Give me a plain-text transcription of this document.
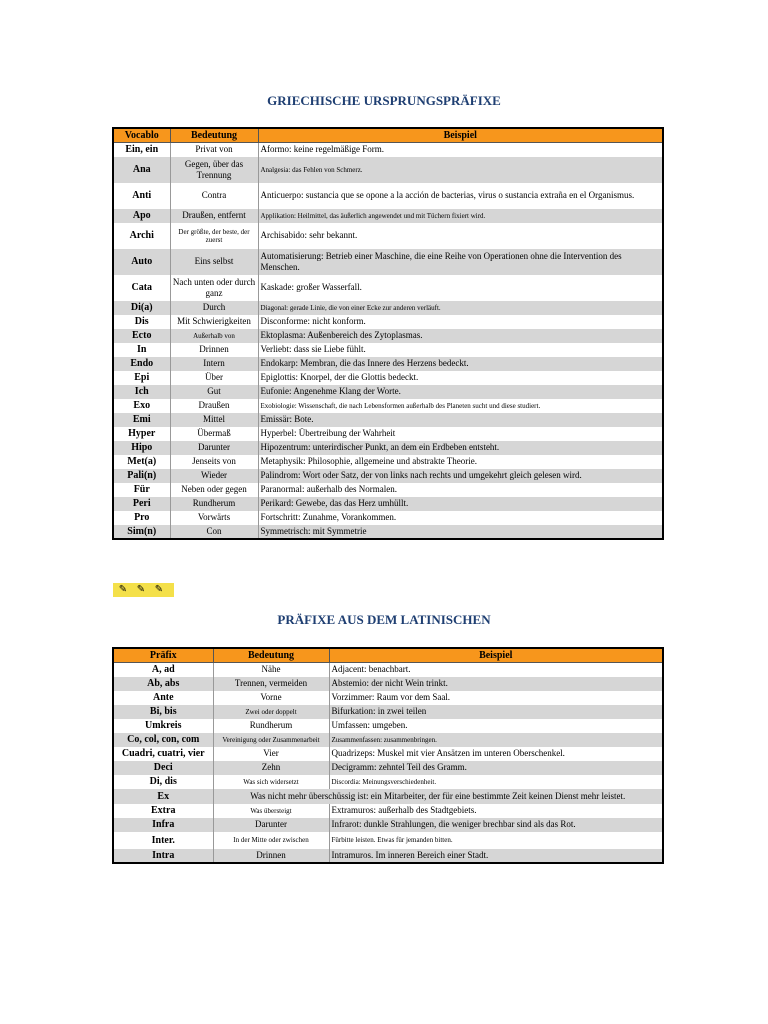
GRIECHISCHE URSPRUNGSPRÄFIXE
Vocablo	Bedeutung	Beispiel
Ein, ein	Privat von	Aformo: keine regelmäßige Form.
Ana	Gegen, über das Trennung	Analgesia: das Fehlen von Schmerz.
Anti	Contra	Anticuerpo: sustancia que se opone a la acción de bacterias, virus o sustancia extraña en el Organismus.
Apo	Draußen, entfernt	Applikation: Heilmittel, das äußerlich angewendet und mit Tüchern fixiert wird.
Archi	Der größte, der beste, der zuerst	Archisabido: sehr bekannt.
Auto	Eins selbst	Automatisierung: Betrieb einer Maschine, die eine Reihe von Operationen ohne die Intervention des Menschen.
Cata	Nach unten oder durch ganz	Kaskade: großer Wasserfall.
Di(a)	Durch	Diagonal: gerade Linie, die von einer Ecke zur anderen verläuft.
Dis	Mit Schwierigkeiten	Disconforme: nicht konform.
Ecto	Außerhalb von	Ektoplasma: Außenbereich des Zytoplasmas.
In	Drinnen	Verliebt: dass sie Liebe fühlt.
Endo	Intern	Endokarp: Membran, die das Innere des Herzens bedeckt.
Epi	Über	Epiglottis: Knorpel, der die Glottis bedeckt.
Ich	Gut	Eufonie: Angenehme Klang der Worte.
Exo	Draußen	Exobiologie: Wissenschaft, die nach Lebensformen außerhalb des Planeten sucht und diese studiert.
Emi	Mittel	Emissär: Bote.
Hyper	Übermaß	Hyperbel: Übertreibung der Wahrheit
Hipo	Darunter	Hipozentrum: unterirdischer Punkt, an dem ein Erdbeben entsteht.
Met(a)	Jenseits von	Metaphysik: Philosophie, allgemeine und abstrakte Theorie.
Pali(n)	Wieder	Palindrom: Wort oder Satz, der von links nach rechts und umgekehrt gleich gelesen wird.
Für	Neben oder gegen	Paranormal: außerhalb des Normalen.
Peri	Rundherum	Perikard: Gewebe, das das Herz umhüllt.
Pro	Vorwärts	Fortschritt: Zunahme, Vorankommen.
Sim(n)	Con	Symmetrisch: mit Symmetrie
✎ ✎ ✎
PRÄFIXE AUS DEM LATINISCHEN
Präfix	Bedeutung	Beispiel
A, ad	Nähe	Adjacent: benachbart.
Ab, abs	Trennen, vermeiden	Abstemio: der nicht Wein trinkt.
Ante	Vorne	Vorzimmer: Raum vor dem Saal.
Bi, bis	Zwei oder doppelt	Bifurkation: in zwei teilen
Umkreis	Rundherum	Umfassen: umgeben.
Co, col, con, com	Vereinigung oder Zusammenarbeit	Zusammenfassen: zusammenbringen.
Cuadri, cuatri, vier	Vier	Quadrizeps: Muskel mit vier Ansätzen im unteren Oberschenkel.
Deci	Zehn	Decigramm: zehntel Teil des Gramm.
Di, dis	Was sich widersetzt	Discordia: Meinungsverschiedenheit.
Ex	Was nicht mehr überschüssig ist: ein Mitarbeiter, der für eine bestimmte Zeit keinen Dienst mehr leistet.	
Extra	Was übersteigt	Extramuros: außerhalb des Stadtgebiets.
Infra	Darunter	Infrarot: dunkle Strahlungen, die weniger brechbar sind als das Rot.
Inter.	In der Mitte oder zwischen	Fürbitte leisten. Etwas für jemanden bitten.
Intra	Drinnen	Intramuros. Im inneren Bereich einer Stadt.
